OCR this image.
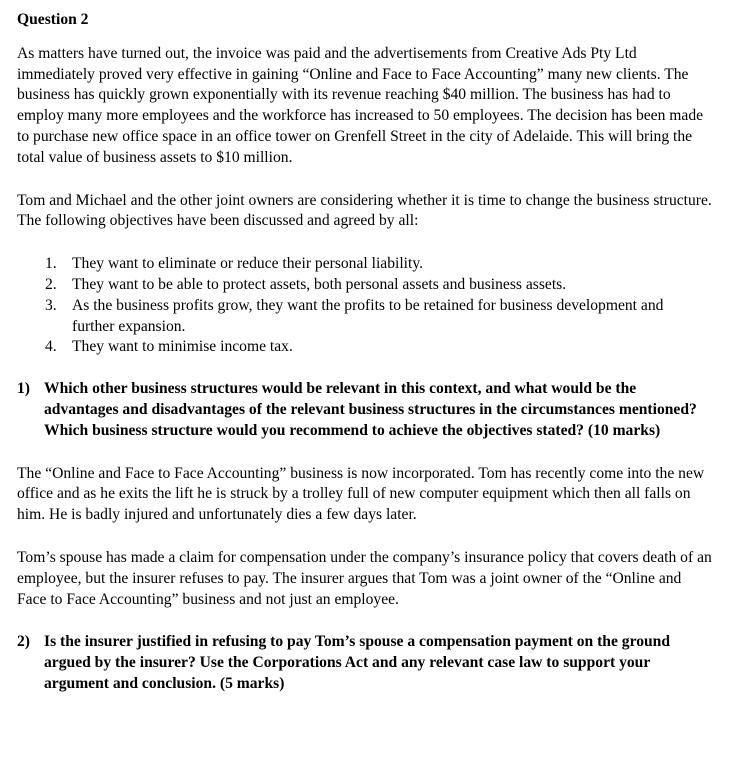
Question 2

As matters have turned out, the invoice was paid and the advertisements from Creative Ads Pty Ltd immediately proved very effective in gaining “Online and Face to Face Accounting” many new clients. The business has quickly grown exponentially with its revenue reaching $40 million. The business has had to employ many more employees and the workforce has increased to 50 employees. The decision has been made to purchase new office space in an office tower on Grenfell Street in the city of Adelaide. This will bring the total value of business assets to $10 million.

Tom and Michael and the other joint owners are considering whether it is time to change the business structure. The following objectives have been discussed and agreed by all:

1. They want to eliminate or reduce their personal liability.
2. They want to be able to protect assets, both personal assets and business assets.
3. As the business profits grow, they want the profits to be retained for business development and further expansion.
4. They want to minimise income tax.
1) Which other business structures would be relevant in this context, and what would be the advantages and disadvantages of the relevant business structures in the circumstances mentioned? Which business structure would you recommend to achieve the objectives stated? (10 marks)

The “Online and Face to Face Accounting” business is now incorporated. Tom has recently come into the new office and as he exits the lift he is struck by a trolley full of new computer equipment which then all falls on him. He is badly injured and unfortunately dies a few days later.

Tom’s spouse has made a claim for compensation under the company’s insurance policy that covers death of an employee, but the insurer refuses to pay. The insurer argues that Tom was a joint owner of the “Online and Face to Face Accounting” business and not just an employee.

2) Is the insurer justified in refusing to pay Tom’s spouse a compensation payment on the ground argued by the insurer? Use the Corporations Act and any relevant case law to support your argument and conclusion. (5 marks)
